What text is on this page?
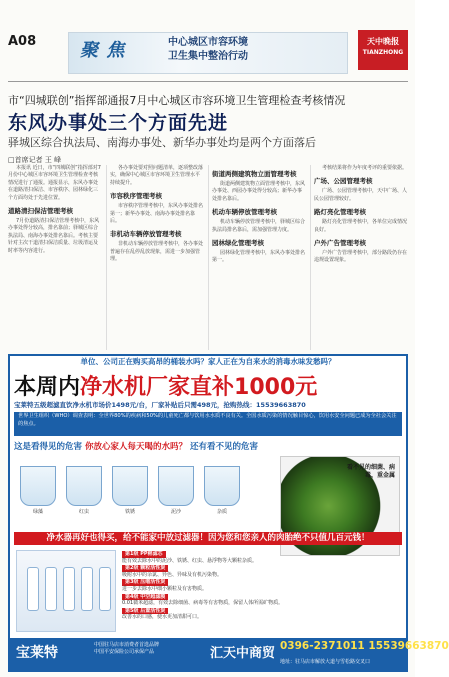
A08 聚 焦	中心城区市容环境
卫生集中整治行动
天中晚报
TIANZHONG
市“四城联创”指挥部通报7月中心城区市容环境卫生管理检查考核情况
东风办事处三个方面先进
驿城区综合执法局、南海办事处、新华办事处均是两个方面落后
□首席记者 王 峰

本报讯 近日，市“四城联创”指挥部对7月份中心城区市容环境卫生管理检查考核情况进行了通报。通报显示，东风办事处在道路清扫保洁、市容秩序、园林绿化三个方面均处于先进位置。

道路清扫保洁管理考核

7月份道路清扫保洁管理考核中，东风办事处得分较高，排名靠前；驿城区综合执法局、南海办事处排名靠后。考核主要针对主次干道清扫保洁质量、垃圾清运及时率等内容进行。

各办事处要对照问题清单，逐项整改落实，确保中心城区市容环境卫生管理水平持续提升。

市容秩序管理考核

市容秩序管理考核中，东风办事处排名第一；新华办事处、南海办事处排名靠后。

非机动车辆停放管理考核

非机动车辆停放管理考核中，各办事处普遍存在乱停乱放现象，需进一步加强管理。

街道两侧建筑物立面管理考核

街道两侧建筑物立面管理考核中，东风办事处、西园办事处得分较高；新华办事处排名靠后。

机动车辆停放管理考核

机动车辆停放管理考核中，驿城区综合执法局排名靠后，需加强管理力度。

园林绿化管理考核

园林绿化管理考核中，东风办事处排名第一。

考核结果将作为年度考评的重要依据。

广场、公园管理考核

广场、公园管理考核中，天中广场、人民公园管理较好。

路灯亮化管理考核

路灯亮化管理考核中，各单位完成情况良好。

户外广告管理考核

户外广告管理考核中，部分路段仍存在违规设置现象。

单位、公司正在购买高昂的桶装水吗？家人正在为自来水的消毒水味发愁吗？
本周内净水机厂家直补1000元
宝莱特五级超滤直饮净水机市场价1498元/台，厂家补贴后只需498元，抢购热线：15539663870
世界卫生组织（WHO）调查表明：全世界80%的疾病和50%的儿童死亡都与饮用水水质不良有关。全国水质污染的情况触目惊心，饮用水安全问题已成为全社会关注的焦点。
这是看得见的危害 你放心家人每天喝的水吗？ 还有看不见的危害
绿藻	红虫	铁锈	泥沙	杂质
看不见的细菌、病毒、重金属
净水器再好也得买，给不能家中放过滤器！因为您和您亲人的肉胎绝不只值几百元钱！
第1级 PP棉滤芯
能有效去除水中的泥沙、铁锈、红虫、悬浮物等大颗粒杂质。
第2级 颗粒活性炭
吸附水中的余氯、异色、异味及有机污染物。
第3级 压缩活性炭
进一步去除水中细小颗粒及有害物质。
第4级 中空超滤膜
0.01微米超滤，有效去除细菌、病毒等有害物质，保留人体所需矿物质。
第5级 后置活性炭
改善水的口感，使水更加清甜可口。
宝莱特	中国驻马店市消费者首选品牌
中国平安保险公司承保产品	汇天中商贸 0396-2371011 15539663870
地址：驻马店市解放大道与雪松路交叉口
